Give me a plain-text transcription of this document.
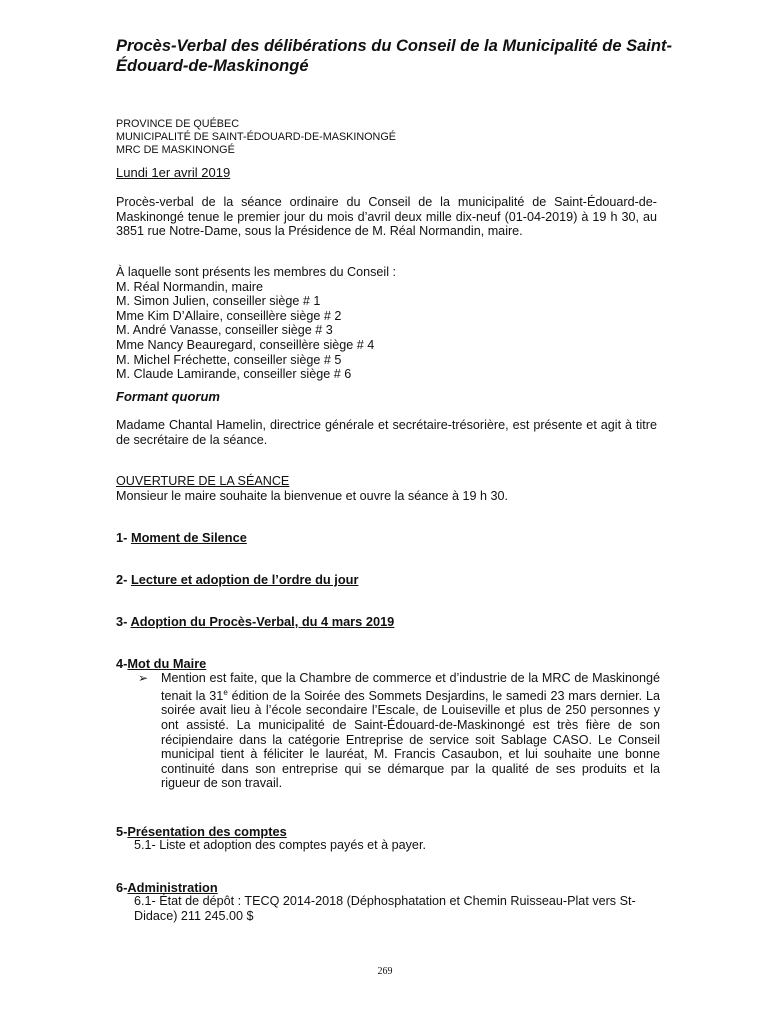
Procès-Verbal des délibérations du Conseil de la Municipalité de Saint-Édouard-de-Maskinongé
PROVINCE DE QUÉBEC
MUNICIPALITÉ DE SAINT-ÉDOUARD-DE-MASKINONGÉ
MRC DE MASKINONGÉ
Lundi 1er avril 2019

Procès-verbal de la séance ordinaire du Conseil de la municipalité de Saint-Édouard-de-Maskinongé tenue le premier jour du mois d’avril deux mille dix-neuf (01-04-2019) à 19 h 30, au 3851 rue Notre-Dame, sous la Présidence de M. Réal Normandin, maire.

À laquelle sont présents les membres du Conseil :
M. Réal Normandin, maire
M. Simon Julien, conseiller siège # 1
Mme Kim D’Allaire, conseillère siège # 2
M. André Vanasse, conseiller siège # 3
Mme Nancy Beauregard, conseillère siège # 4
M. Michel Fréchette, conseiller siège # 5
M. Claude Lamirande, conseiller siège # 6
Formant quorum

Madame Chantal Hamelin, directrice générale et secrétaire-trésorière, est présente et agit à titre de secrétaire de la séance.

OUVERTURE DE LA SÉANCE
Monsieur le maire souhaite la bienvenue et ouvre la séance à 19 h 30.
1- Moment de Silence
2- Lecture et adoption de l’ordre du jour
3- Adoption du Procès-Verbal, du 4 mars 2019
4-Mot du Maire
➢ Mention est faite, que la Chambre de commerce et d’industrie de la MRC de Maskinongé tenait la 31e édition de la Soirée des Sommets Desjardins, le samedi 23 mars dernier. La soirée avait lieu à l’école secondaire l’Escale, de Louiseville et plus de 250 personnes y ont assisté. La municipalité de Saint-Édouard-de-Maskinongé est très fière de son récipiendaire dans la catégorie Entreprise de service soit Sablage CASO. Le Conseil municipal tient à féliciter le lauréat, M. Francis Casaubon, et lui souhaite une bonne continuité dans son entreprise qui se démarque par la qualité de ses produits et la rigueur de son travail.

5-Présentation des comptes
5.1- Liste et adoption des comptes payés et à payer.
6-Administration
6.1- État de dépôt : TECQ 2014-2018 (Déphosphatation et Chemin Ruisseau-Plat vers St-Didace) 211 245.00 $
269
